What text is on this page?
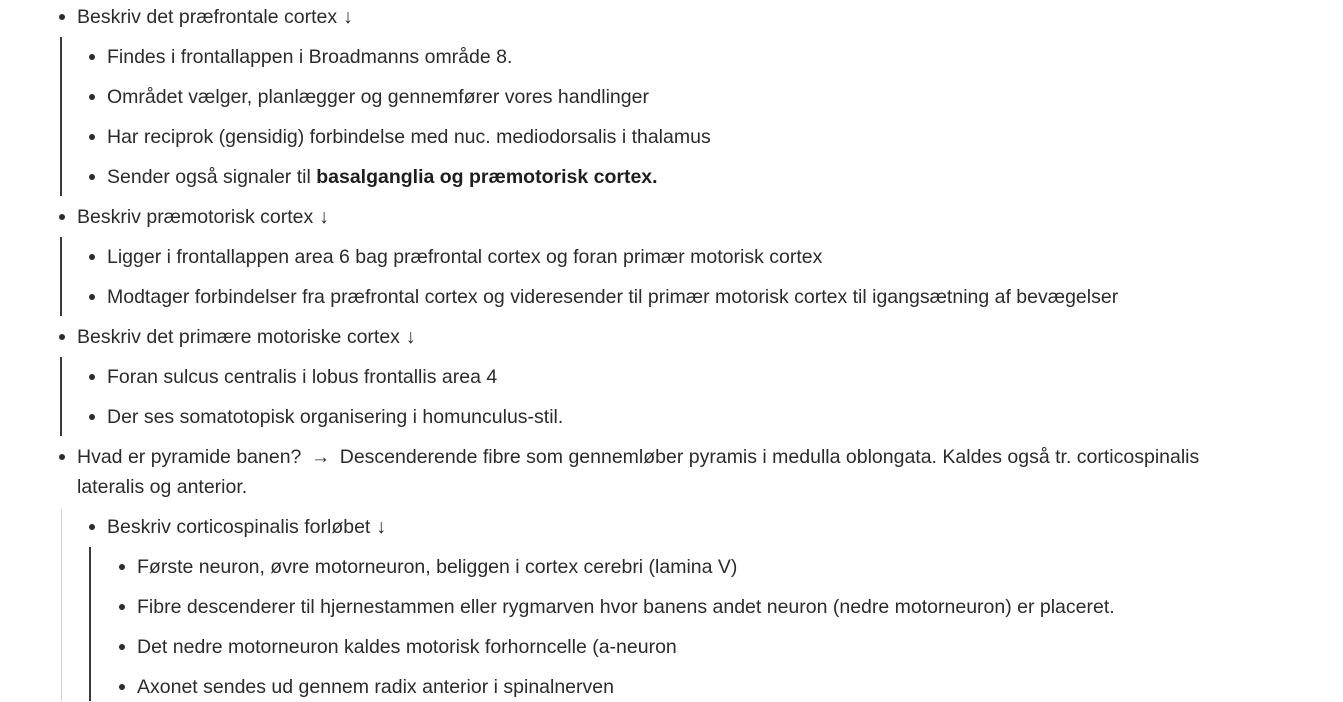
Beskriv det præfrontale cortex ↓
Findes i frontallappen i Broadmanns område 8.
Området vælger, planlægger og gennemfører vores handlinger
Har reciprok (gensidig) forbindelse med nuc. mediodorsalis i thalamus
Sender også signaler til basalganglia og præmotorisk cortex.
Beskriv præmotorisk cortex ↓
Ligger i frontallappen area 6 bag præfrontal cortex og foran primær motorisk cortex
Modtager forbindelser fra præfrontal cortex og videresender til primær motorisk cortex til igangsætning af bevægelser
Beskriv det primære motoriske cortex ↓
Foran sulcus centralis i lobus frontallis area 4
Der ses somatotopisk organisering i homunculus-stil.
Hvad er pyramide banen? → Descenderende fibre som gennemløber pyramis i medulla oblongata. Kaldes også tr. corticospinalis
lateralis og anterior.
Beskriv corticospinalis forløbet ↓
Første neuron, øvre motorneuron, beliggen i cortex cerebri (lamina V)
Fibre descenderer til hjernestammen eller rygmarven hvor banens andet neuron (nedre motorneuron) er placeret.
Det nedre motorneuron kaldes motorisk forhorncelle (a-neuron
Axonet sendes ud gennem radix anterior i spinalnerven
